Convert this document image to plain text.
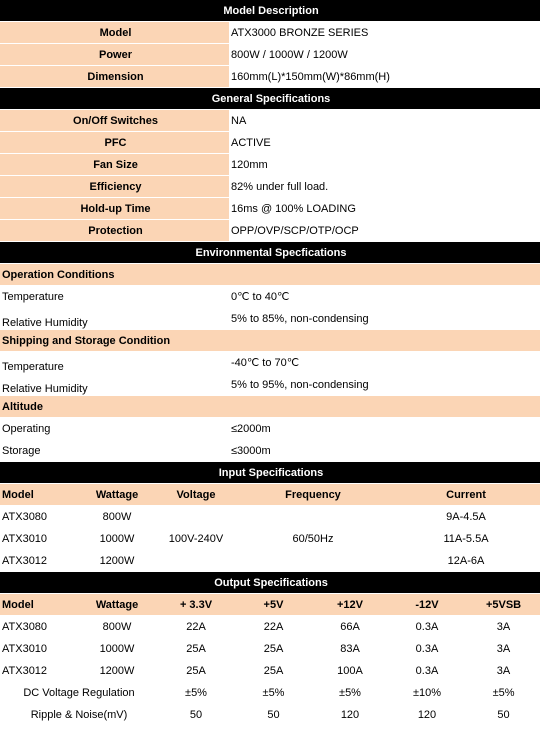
Model Description	
Model	ATX3000 BRONZE SERIES
Power	800W / 1000W / 1200W
Dimension	160mm(L)*150mm(W)*86mm(H)
General Specifications	
On/Off Switches	NA
PFC	ACTIVE
Fan Size	120mm
Efficiency	82% under full load.
Hold-up Time	16ms @ 100% LOADING
Protection	OPP/OVP/SCP/OTP/OCP
Environmental Specfications	
Operation Conditions	
Temperature	0℃ to 40℃
Relative Humidity	5% to 85%, non-condensing
Shipping and Storage Condition	
Temperature	-40℃ to 70℃
Relative Humidity	5% to 95%, non-condensing
Altitude	
Operating	≤2000m
Storage	≤3000m
Input Specifications				
Model	Wattage	Voltage	Frequency	Current
ATX3080	800W	100V-240V	60/50Hz	9A-4.5A
ATX3010	1000W			11A-5.5A
ATX3012	1200W			12A-6A
Output Specifications						
Model	Wattage	+ 3.3V	+5V	+12V	-12V	+5VSB
ATX3080	800W	22A	22A	66A	0.3A	3A
ATX3010	1000W	25A	25A	83A	0.3A	3A
ATX3012	1200W	25A	25A	100A	0.3A	3A
DC Voltage Regulation		±5%	±5%	±5%	±10%	±5%
Ripple & Noise(mV)		50	50	120	120	50
